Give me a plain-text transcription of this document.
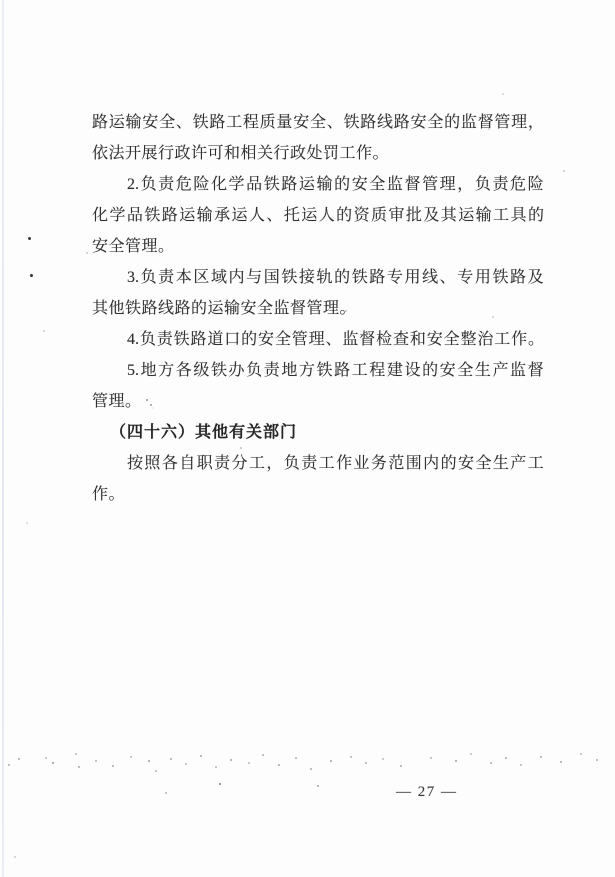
路 运 输 安 全 、 铁 路 工 程 质 量 安 全 、 铁 路 线 路 安 全 的 监 督 管 理 ，
依法开展行政许可和相关行政处罚工作。
2. 负 责 危 险 化 学 品 铁 路 运 输 的 安 全 监 督 管 理 ， 负 责 危 险
化 学 品 铁 路 运 输 承 运 人 、 托 运 人 的 资 质 审 批 及 其 运 输 工 具 的
安全管理。
3. 负 责 本 区 域 内 与 国 铁 接 轨 的 铁 路 专 用 线 、 专 用 铁 路 及
其他铁路线路的运输安全监督管理。
4. 负 责 铁 路 道 口 的 安 全 管 理 、 监 督 检 查 和 安 全 整 治 工 作 。
5. 地 方 各 级 铁 办 负 责 地 方 铁 路 工 程 建 设 的 安 全 生 产 监 督
管理。
（四十六）其他有关部门
按 照 各 自 职 责 分 工 ， 负 责 工 作 业 务 范 围 内 的 安 全 生 产 工
作。
— 27 —
